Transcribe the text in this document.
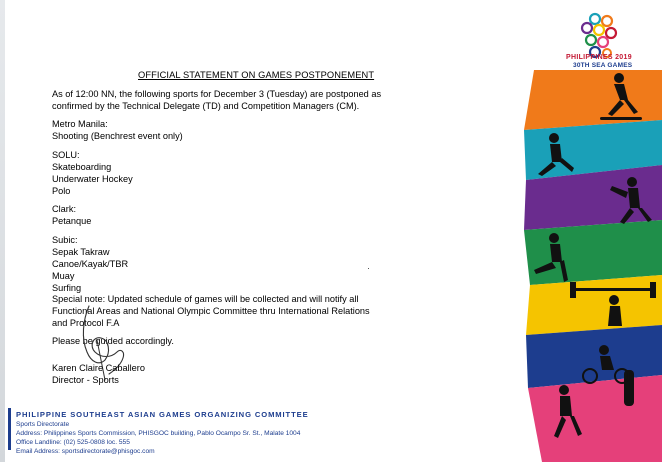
OFFICIAL STATEMENT ON GAMES POSTPONEMENT
As of 12:00 NN, the following sports for December 3 (Tuesday) are postponed as
confirmed by the Technical Delegate (TD) and Competition Managers (CM).
Metro Manila:
Shooting (Benchrest event only)
SOLU:
Skateboarding
Underwater Hockey
Polo
Clark:
Petanque
Subic:
Sepak Takraw
Canoe/Kayak/TBR
Muay
Surfing
Special note: Updated schedule of games will be collected and will notify all
Functional Areas and National Olympic Committee thru International Relations
and Protocol F.A
Please be guided accordingly.
Karen Claire Caballero
Director - Sports
PHILIPPINES 2019
30TH SEA GAMES
PHILIPPINE SOUTHEAST ASIAN GAMES ORGANIZING COMMITTEE
Sports Directorate
Address: Philippines Sports Commission, PHISGOC building, Pablo Ocampo Sr. St., Malate 1004
Office Landline: (02) 525-0808 loc. 555
Email Address: sportsdirectorate@phisgoc.com
